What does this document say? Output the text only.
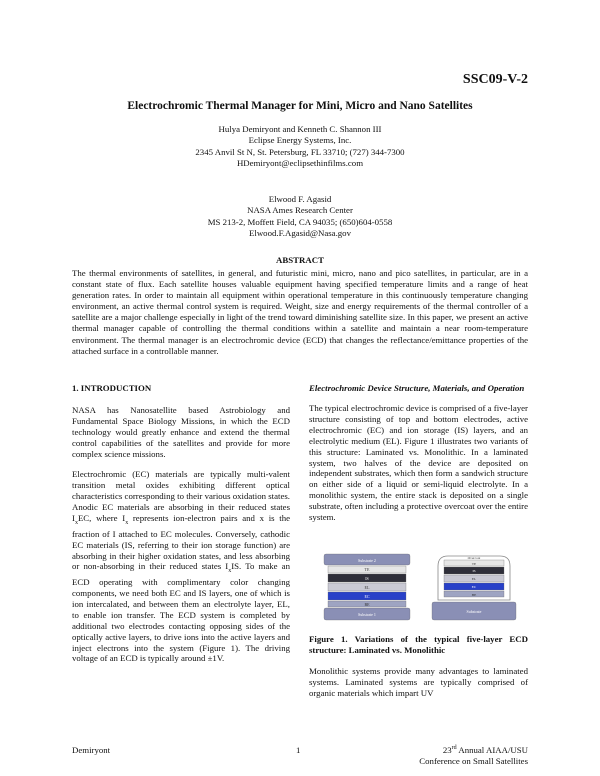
SSC09-V-2
Electrochromic Thermal Manager for Mini, Micro and Nano Satellites
Hulya Demiryont and Kenneth C. Shannon III
Eclipse Energy Systems, Inc.
2345 Anvil St N, St. Petersburg, FL 33710; (727) 344-7300
HDemiryont@eclipsethinfilms.com
Elwood F. Agasid
NASA Ames Research Center
MS 213-2, Moffett Field, CA 94035; (650)604-0558
Elwood.F.Agasid@Nasa.gov
ABSTRACT
The thermal environments of satellites, in general, and futuristic mini, micro, nano and pico satellites, in particular, are in a constant state of flux. Each satellite houses valuable equipment having specified temperature limits and a range of heat generation rates. In order to maintain all equipment within operational temperature in this continuously temperature changing environment, an active thermal control system is required. Weight, size and energy requirements of the thermal controller of a satellite are a major challenge especially in light of the trend toward diminishing satellite size. In this paper, we present an active thermal manager capable of controlling the thermal conditions within a satellite and maintain a near room-temperature environment. The thermal manager is an electrochromic device (ECD) that changes the reflectance/emittance properties of the attached surface in a controllable manner.
1. INTRODUCTION

NASA has Nanosatellite based Astrobiology and Fundamental Space Biology Missions, in which the ECD technology would greatly enhance and extend the thermal control capabilities of the satellites and provide for more complex science missions.

Electrochromic (EC) materials are typically multi-valent transition metal oxides exhibiting different optical characteristics corresponding to their various oxidation states. Anodic EC materials are absorbing in their reduced states $I_xEC$, where $I_x$ represents ion-electron pairs and x is the fraction of I attached to EC molecules. Conversely, cathodic EC materials (IS, referring to their ion storage function) are absorbing in their higher oxidation states, and less absorbing or non-absorbing in their reduced states $I_xIS$. To make an ECD operating with complimentary color changing components, we need both EC and IS layers, one of which is ion intercalated, and between them an electrolyte layer, EL, to enable ion transfer. The ECD system is completed by additional two electrodes contacting opposing sides of the optically active layers, to drive ions into the active layers and inject electrons into the system (Figure 1). The driving voltage of an ECD is typically around ±1V.

Electrochromic Device Structure, Materials, and Operation

The typical electrochromic device is comprised of a five-layer structure consisting of top and bottom electrodes, active electrochromic (EC) and ion storage (IS) layers, and an electrolytic medium (EL). Figure 1 illustrates two variants of this structure: Laminated vs. Monolithic. In a laminated system, two halves of the device are deposited on independent substrates, which then form a sandwich structure on either side of a liquid or semi-liquid electrolyte. In a monolithic system, the entire stack is deposited on a single substrate, often including a protective overcoat over the entire system.

Substrate 2
TE
IS
EL
EC
BE
Substrate 1
Overcoat
TE
IS
EL
EC
BE
Substrate
Figure 1. Variations of the typical five-layer ECD structure: Laminated vs. Monolithic

Monolithic systems provide many advantages to laminated systems. Laminated systems are typically comprised of organic materials which impart UV

Demiryont	1	23rd Annual AIAA/USU
Conference on Small Satellites
